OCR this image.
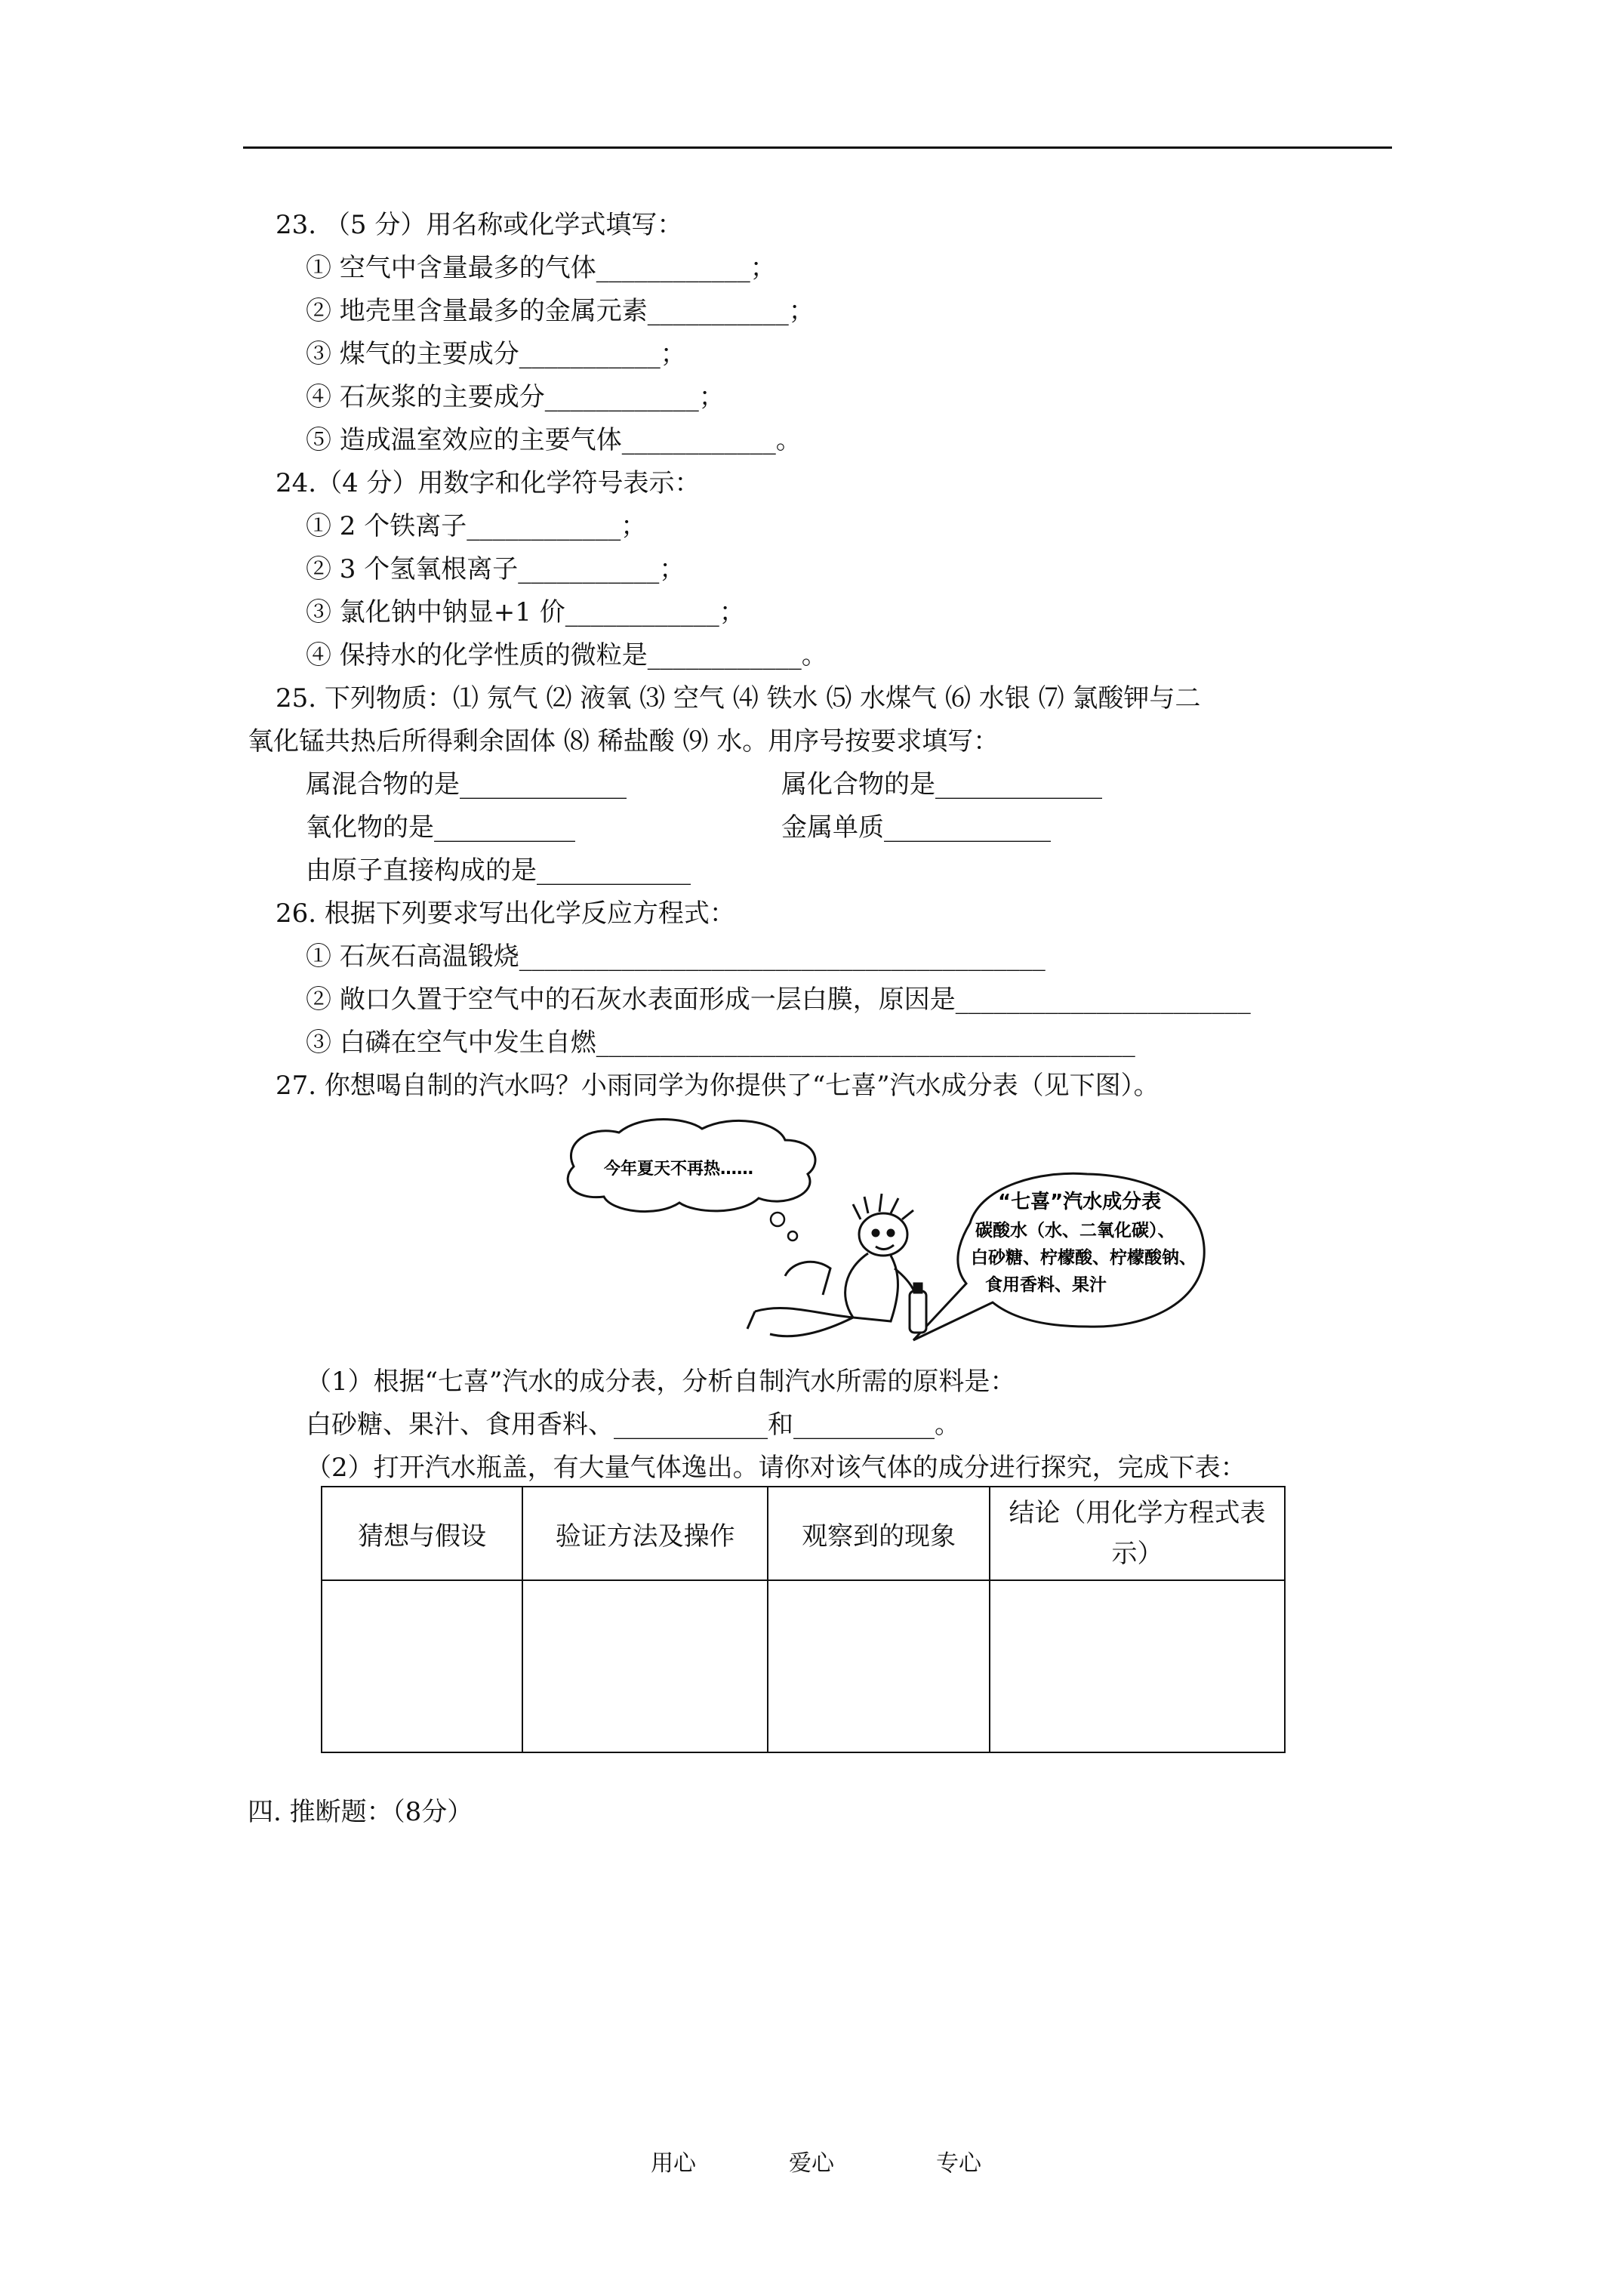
23. （5 分）用名称或化学式填写：
① 空气中含量最多的气体____________；
② 地壳里含量最多的金属元素___________；
③ 煤气的主要成分___________；
④ 石灰浆的主要成分____________；
⑤ 造成温室效应的主要气体____________。
24.（4 分）用数字和化学符号表示：
① 2 个铁离子____________；
② 3 个氢氧根离子___________；
③ 氯化钠中钠显+1 价____________；
④ 保持水的化学性质的微粒是____________。
25. 下列物质：⑴ 氖气 ⑵ 液氧 ⑶ 空气 ⑷ 铁水 ⑸ 水煤气 ⑹ 水银 ⑺ 氯酸钾与二
氧化锰共热后所得剩余固体 ⑻ 稀盐酸 ⑼ 水。用序号按要求填写：
属混合物的是_____________	属化合物的是_____________
氧化物的是___________	金属单质_____________
由原子直接构成的是____________
26. 根据下列要求写出化学反应方程式：
① 石灰石高温锻烧_________________________________________
② 敞口久置于空气中的石灰水表面形成一层白膜，原因是_______________________
③ 白磷在空气中发生自燃__________________________________________
27. 你想喝自制的汽水吗？小雨同学为你提供了“七喜”汽水成分表（见下图）。
今年夏天不再热……
“七喜”汽水成分表
碳酸水（水、二氧化碳）、
白砂糖、柠檬酸、柠檬酸钠、
食用香料、果汁
（1）根据“七喜”汽水的成分表，分析自制汽水所需的原料是：
白砂糖、果汁、食用香料、____________和___________。
（2）打开汽水瓶盖，有大量气体逸出。请你对该气体的成分进行探究，完成下表：
猜想与假设	验证方法及操作	观察到的现象	结论（用化学方程式表示）

四. 推断题：（8分）
用心	爱心	专心
